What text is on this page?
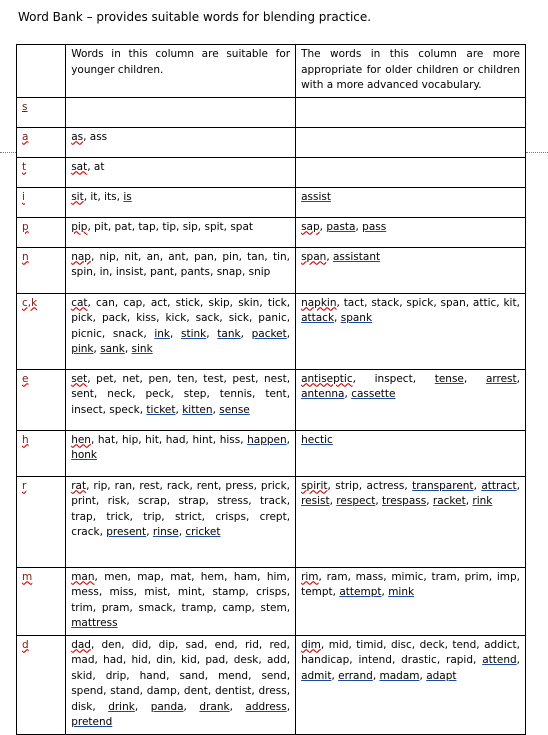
Word Bank – provides suitable words for blending practice.
	Words in this column are suitable for younger children.	The words in this column are more appropriate for older children or children with a more advanced vocabulary.
s		
a	as, ass	
t	sat, at	
i	sit, it, its, is	assist
p	pip, pit, pat, tap, tip, sip, spit, spat	sap, pasta, pass
n	nap, nip, nit, an, ant, pan, pin, tan, tin, spin, in, insist, pant, pants, snap, snip	span, assistant
c,k	cat, can, cap, act, stick, skip, skin, tick, pick, pack, kiss, kick, sack, sick, panic, picnic, snack, ink, stink, tank, packet, pink, sank, sink	napkin, tact, stack, spick, span, attic, kit, attack, spank
e	set, pet, net, pen, ten, test, pest, nest, sent, neck, peck, step, tennis, tent, insect, speck, ticket, kitten, sense	antiseptic, inspect, tense, arrest, antenna, cassette
h	hen, hat, hip, hit, had, hint, hiss, happen, honk	hectic
r	rat, rip, ran, rest, rack, rent, press, prick, print, risk, scrap, strap, stress, track, trap, trick, trip, strict, crisps, crept, crack, present, rinse, cricket	spirit, strip, actress, transparent, attract, resist, respect, trespass, racket, rink
m	man, men, map, mat, hem, ham, him, mess, miss, mist, mint, stamp, crisps, trim, pram, smack, tramp, camp, stem, mattress	rim, ram, mass, mimic, tram, prim, imp, tempt, attempt, mink
d	dad, den, did, dip, sad, end, rid, red, mad, had, hid, din, kid, pad, desk, add, skid, drip, hand, sand, mend, send, spend, stand, damp, dent, dentist, dress, disk, drink, panda, drank, address, pretend	dim, mid, timid, disc, deck, tend, addict, handicap, intend, drastic, rapid, attend, admit, errand, madam, adapt
